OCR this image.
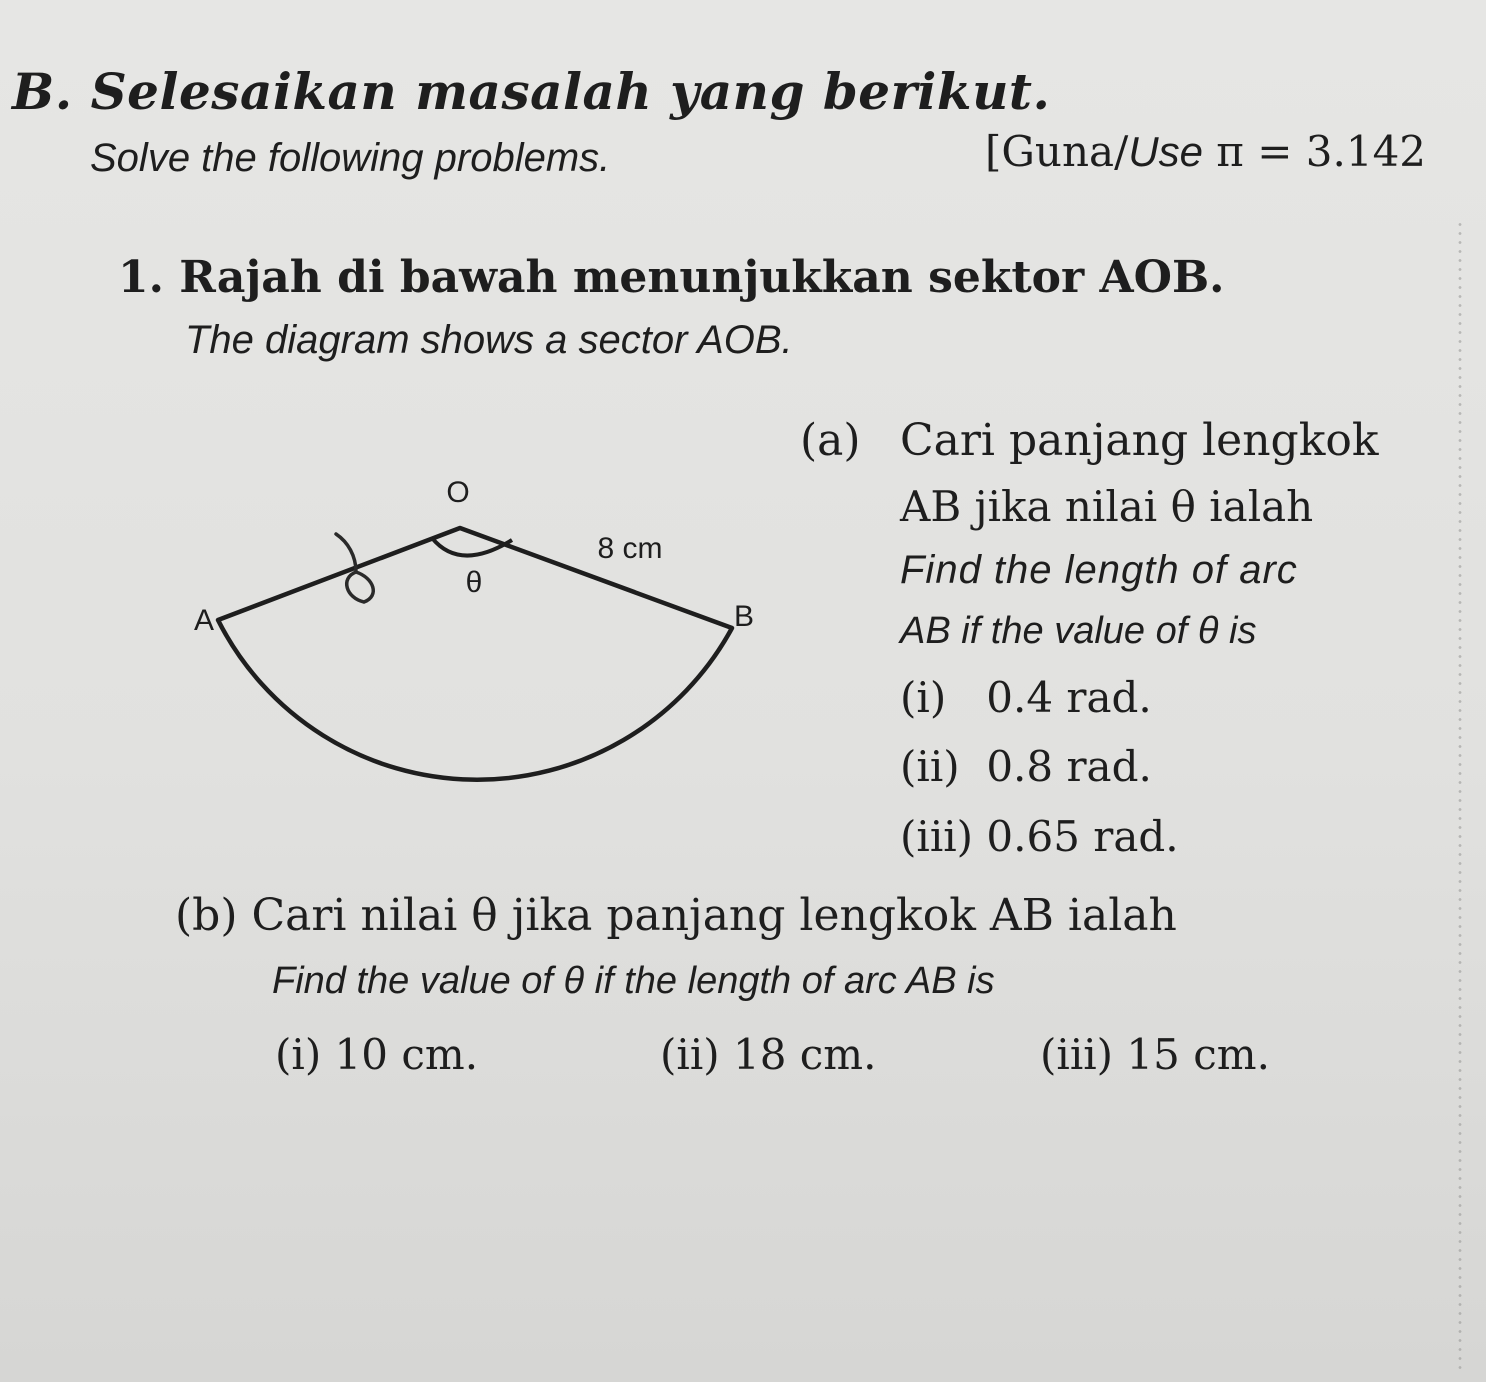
B. Selesaikan masalah yang berikut.
Solve the following problems.	[Guna/Use π = 3.142
1. Rajah di bawah menunjukkan sektor AOB.
The diagram shows a sector AOB.
O
θ
8 cm
A	B
(a) Cari panjang lengkok
AB jika nilai θ ialah
Find the length of arc
AB if the value of θ is
(i)   0.4 rad.
(ii)  0.8 rad.
(iii) 0.65 rad.
(b) Cari nilai θ jika panjang lengkok AB ialah
Find the value of θ if the length of arc AB is
(i) 10 cm.	(ii) 18 cm.	(iii) 15 cm.
